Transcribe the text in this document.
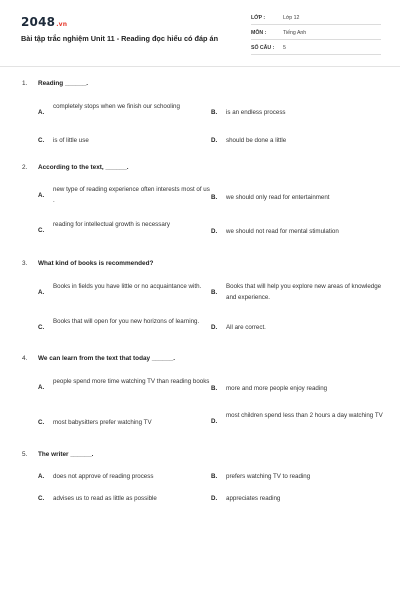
2048.vn
Bài tập trắc nghiệm Unit 11 - Reading đọc hiểu có đáp án
LỚP :	Lớp 12
MÔN :	Tiếng Anh
SỐ CÂU : 5
1. Reading ______.
A.
completely stops when we finish our schooling
B. is an endless process
C. is of little use	D. should be done a little
2. According to the text, ______.
A.
new type of reading experience often interests most of us .	B. we should only read for entertainment
C.
reading for intellectual growth is necessary
D. we should not read for mental stimulation
3. What kind of books is recommended?
A.
Books in fields you have little or no acquaintance with.
B.
Books that will help you explore new areas of knowledge and experience.
C.
Books that will open for you new horizons of learning.
D. All are correct.
4. We can learn from the text that today ______.
A.
people spend more time watching TV than reading books
B. more and more people enjoy reading
C. most babysitters prefer watching TV	D.
most children spend less than 2 hours a day watching TV
5. The writer ______.
A. does not approve of reading process	B. prefers watching TV to reading
C. advises us to read as little as possible	D. appreciates reading
